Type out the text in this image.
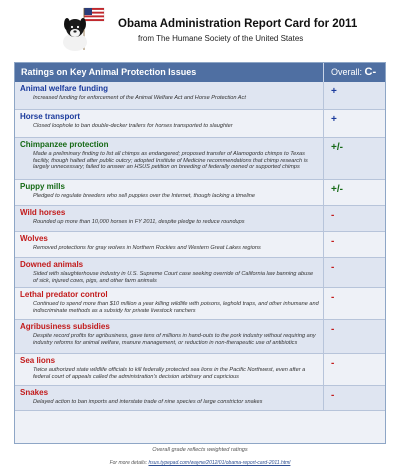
Obama Administration Report Card for 2011
from The Humane Society of the United States
Ratings on Key Animal Protection Issues	Overall: C-
Animal welfare funding
Increased funding for enforcement of the Animal Welfare Act and Horse Protection Act
+
Horse transport
Closed loophole to ban double-decker trailers for horses transported to slaughter
+
Chimpanzee protection
Made a preliminary finding to list all chimps as endangered; proposed transfer of Alamogordo chimps to Texas facility, though halted after public outcry; adopted Institute of Medicine recommendations that chimp research is largely unnecessary; failed to answer an HSUS petition on breeding of federally owned or supported chimps
+/-
Puppy mills
Pledged to regulate breeders who sell puppies over the Internet, though lacking a timeline
+/-
Wild horses
Rounded up more than 10,000 horses in FY 2011, despite pledge to reduce roundups
-
Wolves
Removed protections for gray wolves in Northern Rockies and Western Great Lakes regions
-
Downed animals
Sided with slaughterhouse industry in U.S. Supreme Court case seeking override of California law banning abuse of sick, injured cows, pigs, and other farm animals
-
Lethal predator control
Continued to spend more than $10 million a year killing wildlife with poisons, leghold traps, and other inhumane and indiscriminate methods as a subsidy for private livestock ranchers
-
Agribusiness subsidies
Despite record profits for agribusiness, gave tens of millions in hand-outs to the pork industry without requiring any industry reforms for animal welfare, manure management, or reduction in non-therapeutic use of antibiotics
-
Sea lions
Twice authorized state wildlife officials to kill federally protected sea lions in the Pacific Northwest, even after a federal court of appeals called the administration's decision arbitrary and capricious
-
Snakes
Delayed action to ban imports and interstate trade of nine species of large constrictor snakes
-
Overall grade reflects weighted ratings
For more details: hsus.typepad.com/wayne/2012/01/obama-report-card-2011.html
